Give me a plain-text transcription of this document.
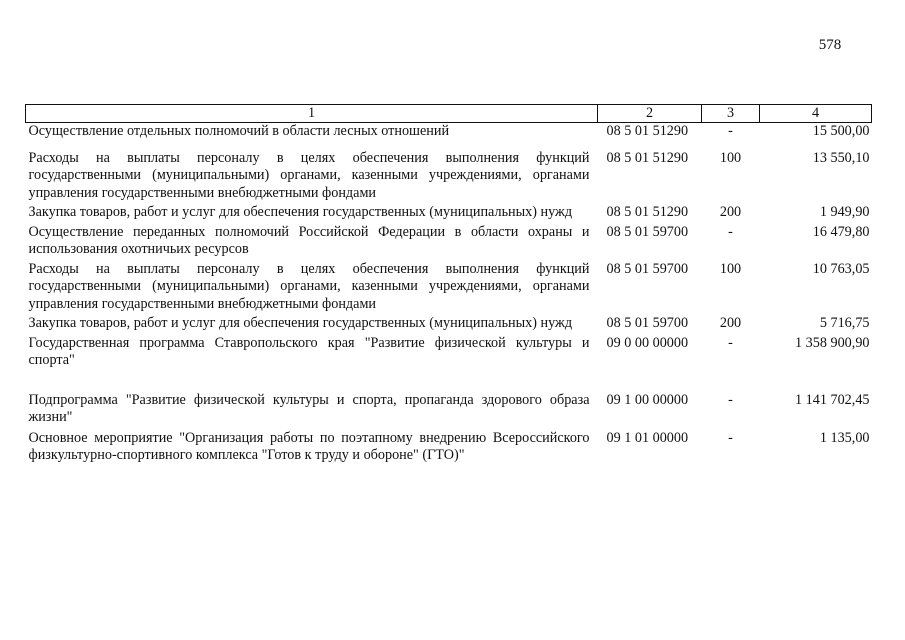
578
1	2	3	4
Осуществление отдельных полномочий в области лесных отношений	08 5 01 51290	-	15 500,00

Расходы на выплаты персоналу в целях обеспечения выполнения функций государственными (муниципальными) органами, казенными учреждениями, органами управления государственными внебюджетными фондами	08 5 01 51290	100	13 550,10
Закупка товаров, работ и услуг для обеспечения государственных (муниципальных) нужд	08 5 01 51290	200	1 949,90
Осуществление переданных полномочий Российской Федерации в области охраны и использования охотничьих ресурсов	08 5 01 59700	-	16 479,80
Расходы на выплаты персоналу в целях обеспечения выполнения функций государственными (муниципальными) органами, казенными учреждениями, органами управления государственными внебюджетными фондами	08 5 01 59700	100	10 763,05
Закупка товаров, работ и услуг для обеспечения государственных (муниципальных) нужд	08 5 01 59700	200	5 716,75
Государственная программа Ставропольского края "Развитие физической культуры и спорта"	09 0 00 00000	-	1 358 900,90
Подпрограмма "Развитие физической культуры и спорта, пропаганда здорового образа жизни"	09 1 00 00000	-	1 141 702,45
Основное мероприятие "Организация работы по поэтапному внедрению Всероссийского физкультурно-спортивного комплекса "Готов к труду и обороне" (ГТО)"	09 1 01 00000	-	1 135,00
